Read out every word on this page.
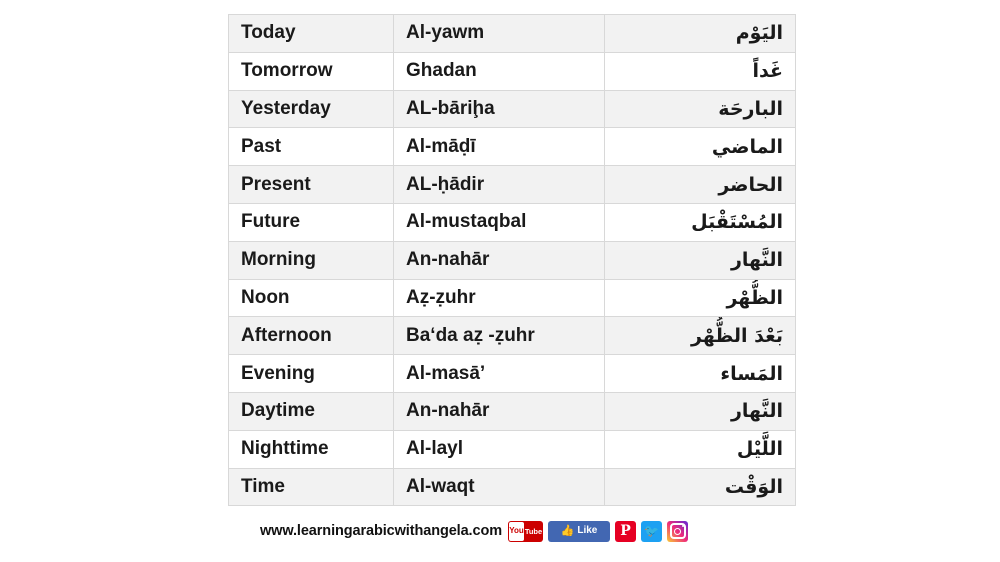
Today	Al-yawm	اليَوْم
Tomorrow	Ghadan	غَداً
Yesterday	AL-bāriḩa	البارحَة
Past	Al-māḍī	الماضي
Present	AL-ḥādir	الحاضر
Future	Al-mustaqbal	المُسْتَقْبَل
Morning	An-nahār	النَّهار
Noon	Aẓ-ẓuhr	الظُّهْر
Afternoon	Ba‘da aẓ -ẓuhr	بَعْدَ الظُّهْر
Evening	Al-masā’	المَساء
Daytime	An-nahār	النَّهار
Nighttime	Al-layl	اللَّيْل
Time	Al-waqt	الوَقْت
www.learningarabicwithangela.com You Tube 👍 Like	P	🐦
